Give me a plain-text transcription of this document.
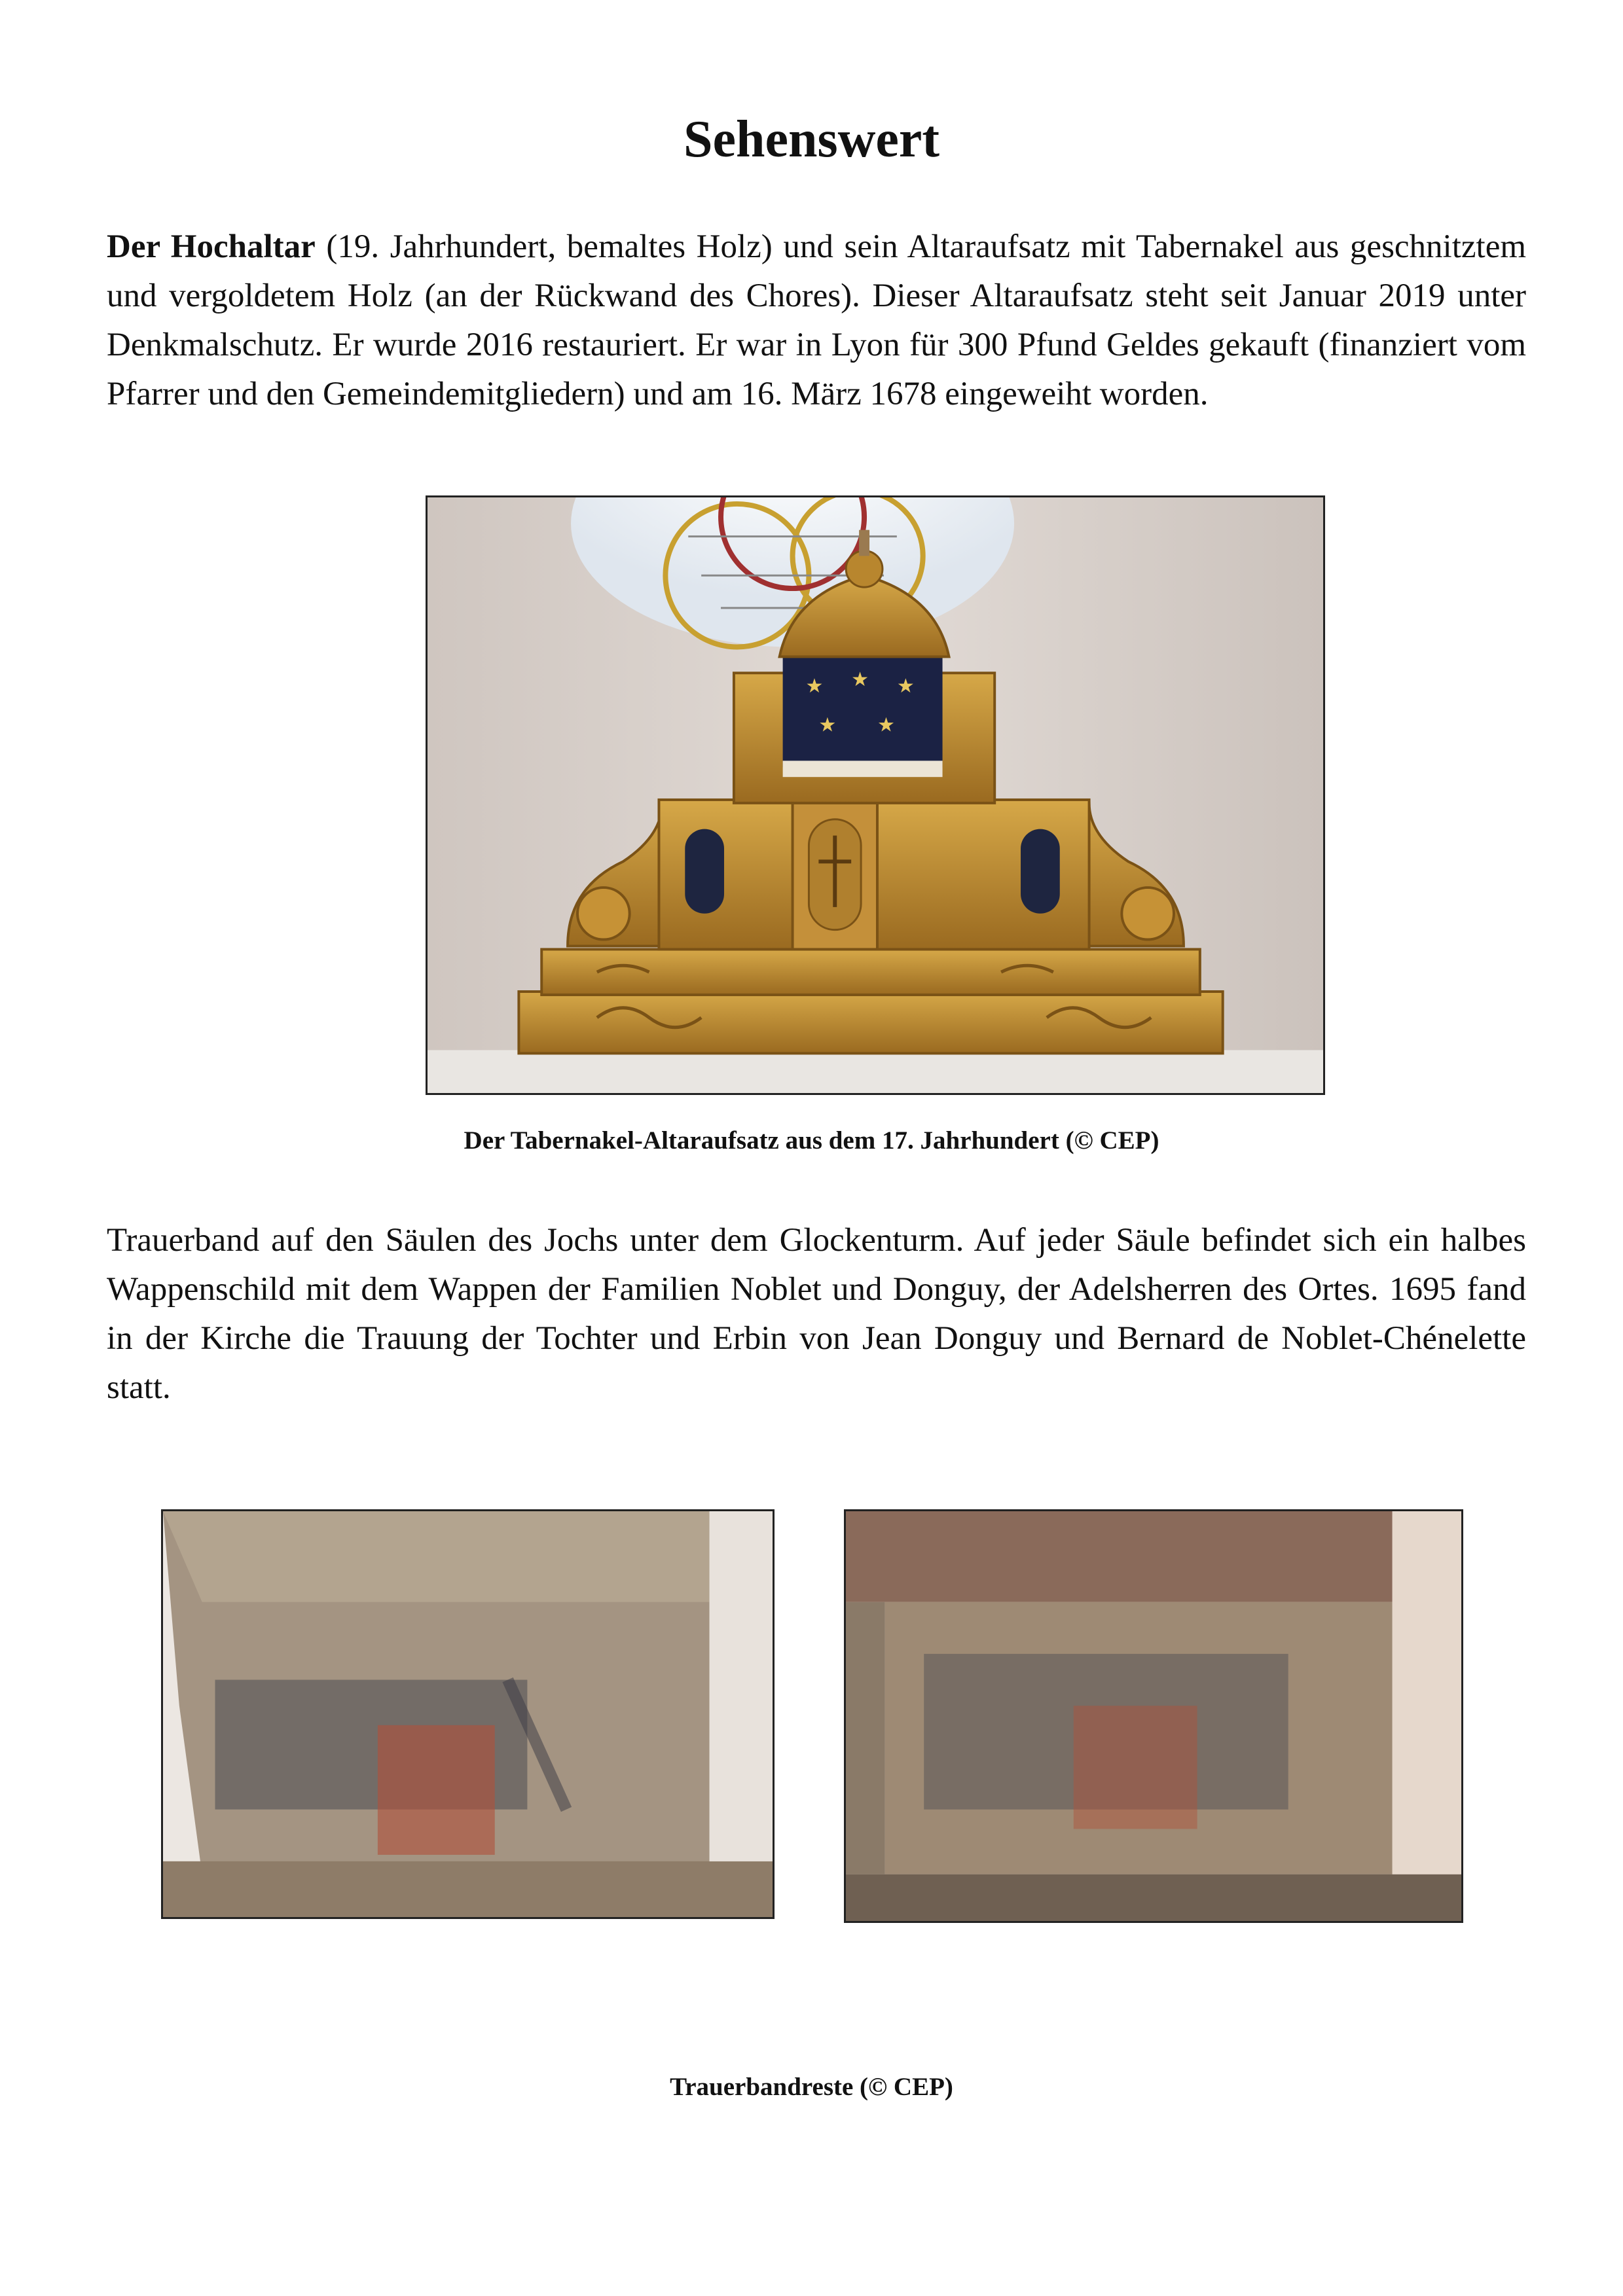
Sehenswert

Der Hochaltar (19. Jahrhundert, bemaltes Holz) und sein Altaraufsatz mit Tabernakel aus geschnitztem und vergoldetem Holz (an der Rückwand des Chores). Dieser Altaraufsatz steht seit Januar 2019 unter Denkmalschutz. Er wurde 2016 restauriert. Er war in Lyon für 300 Pfund Geldes gekauft (finanziert vom Pfarrer und den Gemeindemitgliedern) und am 16. März 1678 eingeweiht worden.

★ ★ ★
★ ★

Der Tabernakel-Altaraufsatz aus dem 17. Jahrhundert (© CEP)

Trauerband auf den Säulen des Jochs unter dem Glockenturm. Auf jeder Säule befindet sich ein halbes Wappenschild mit dem Wappen der Familien Noblet und Donguy, der Adelsherren des Ortes. 1695 fand in der Kirche die Trauung der Tochter und Erbin von Jean Donguy und Bernard de Noblet-Chénelette statt.

Trauerbandreste (© CEP)
